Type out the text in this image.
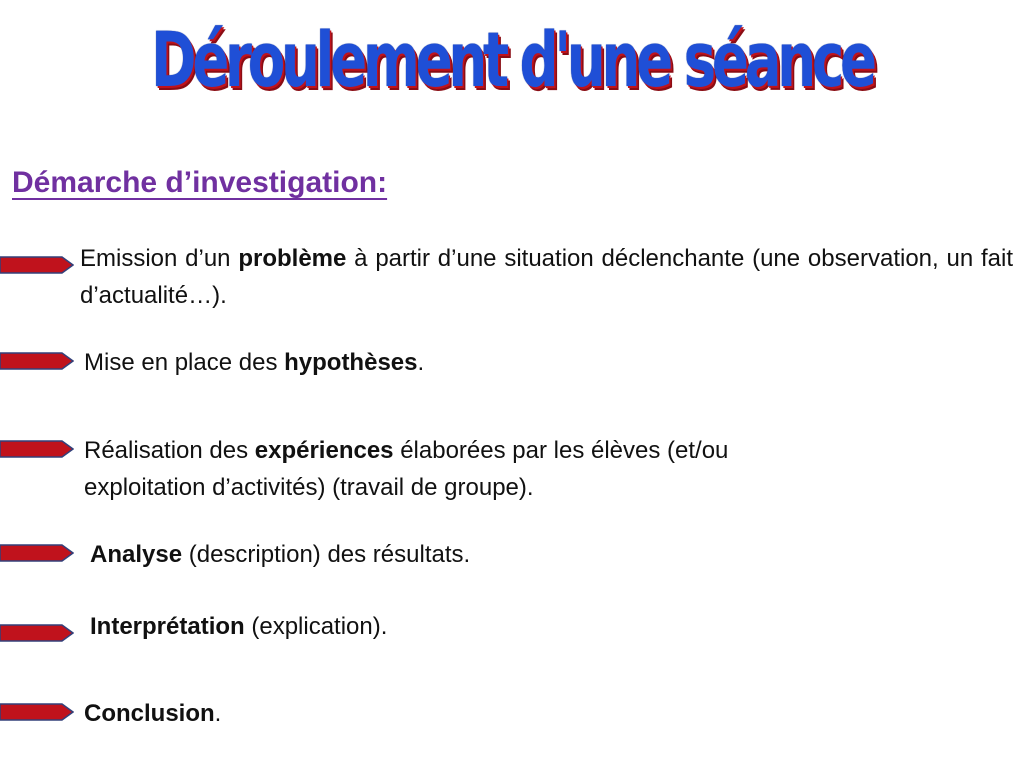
Déroulement d'une séance
Démarche d’investigation:
Emission d’un problème à partir d’une situation déclenchante (une observation, un fait d’actualité…).
Mise en place des hypothèses.
Réalisation des expériences élaborées par les élèves (et/ou exploitation d’activités) (travail de groupe).
Analyse (description) des résultats.
Interprétation (explication).
Conclusion.
